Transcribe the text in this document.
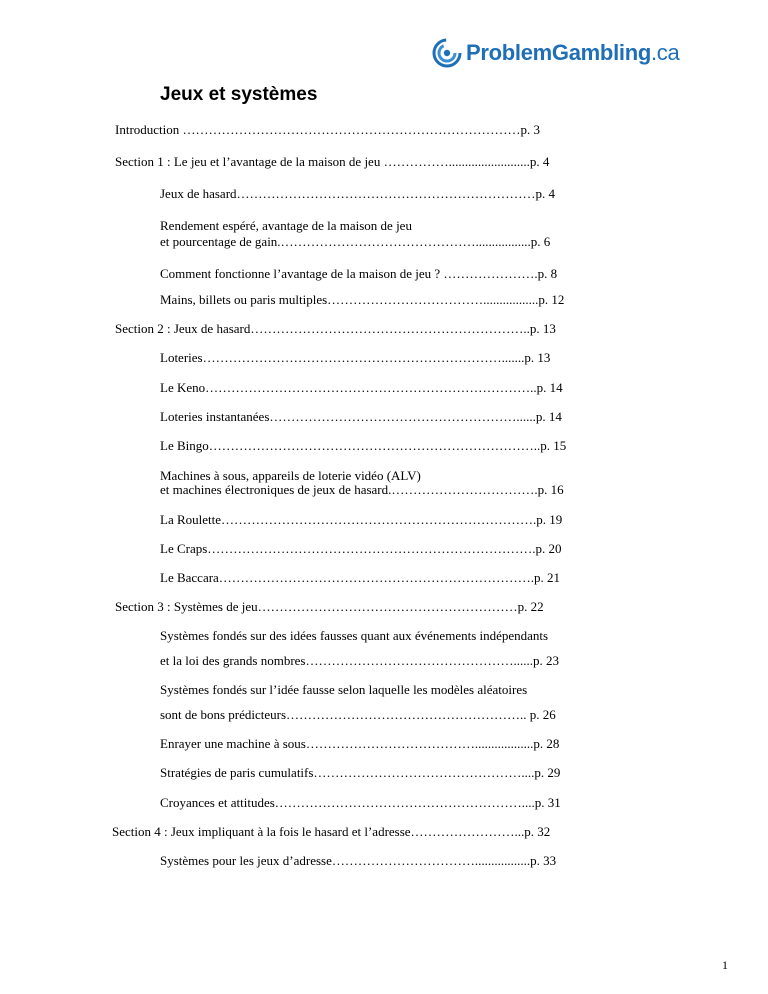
ProblemGambling.ca
Jeux et systèmes
Introduction ……………………………………………………………………p. 3
Section 1 : Le jeu et l’avantage de la maison de jeu …………….........................p. 4
Jeux de hasard……………………………………………………………p. 4
Rendement espéré, avantage de la maison de jeu
et pourcentage de gain.……………………………………….................p. 6
Comment fonctionne l’avantage de la maison de jeu ? ………………….p. 8
Mains, billets ou paris multiples……………………………….................p. 12
Section 2 : Jeux de hasard………………………………………………………..p. 13
Loteries…………………………………………………………….......p. 13
Le Keno…………………………………………………………………..p. 14
Loteries instantanées…………………………………………………......p. 14
Le Bingo…………………………………………………………………..p. 15
Machines à sous, appareils de loterie vidéo (ALV)
et machines électroniques de jeux de hasard.…………………………….p. 16
La Roulette……………………………………………………………….p. 19
Le Craps………………………………………………………………….p. 20
Le Baccara……………………………………………………………….p. 21
Section 3 : Systèmes de jeu……………………………………………………p. 22
Systèmes fondés sur des idées fausses quant aux événements indépendants
et la loi des grands nombres…………………………………………......p. 23
Systèmes fondés sur l’idée fausse selon laquelle les modèles aléatoires
sont de bons prédicteurs……………………………………………….. p. 26
Enrayer une machine à sous…………………………………..................p. 28
Stratégies de paris cumulatifs…………………………………………....p. 29
Croyances et attitudes…………………………………………………....p. 31
Section 4 : Jeux impliquant à la fois le hasard et l’adresse……………………...p. 32
Systèmes pour les jeux d’adresse…………………………….................p. 33
1
